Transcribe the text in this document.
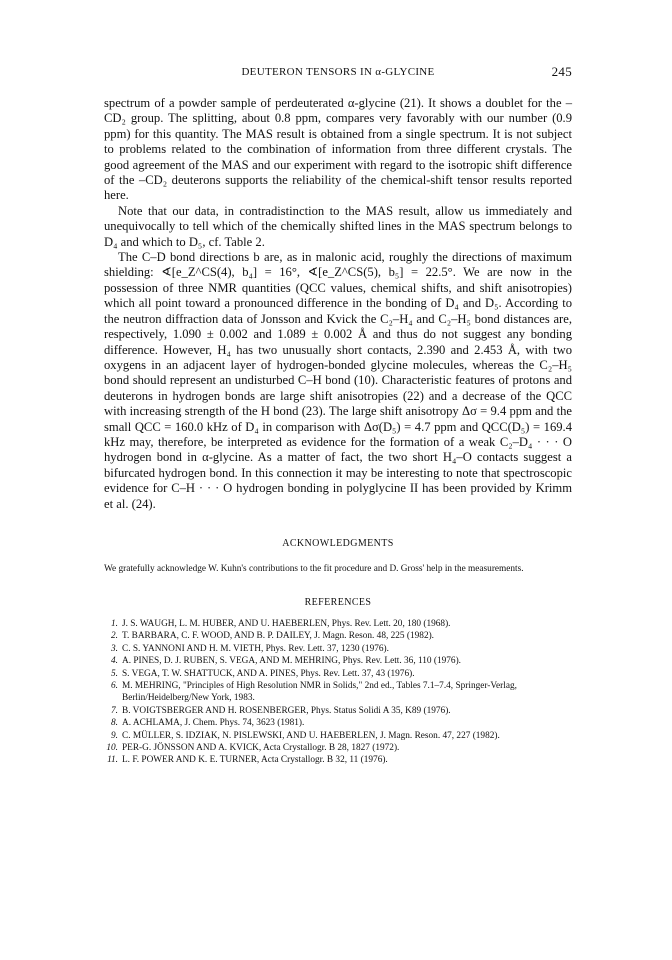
DEUTERON TENSORS IN α-GLYCINE	245

spectrum of a powder sample of perdeuterated α-glycine (21). It shows a doublet for the –CD₂ group. The splitting, about 0.8 ppm, compares very favorably with our number (0.9 ppm) for this quantity. The MAS result is obtained from a single spectrum. It is not subject to problems related to the combination of information from three different crystals. The good agreement of the MAS and our experiment with regard to the isotropic shift difference of the –CD₂ deuterons supports the reliability of the chemical-shift tensor results reported here.

Note that our data, in contradistinction to the MAS result, allow us immediately and unequivocally to tell which of the chemically shifted lines in the MAS spectrum belongs to D₄ and which to D₅, cf. Table 2.

The C–D bond directions b are, as in malonic acid, roughly the directions of maximum shielding: ∢[e_Z^CS(4), b₄] = 16°, ∢[e_Z^CS(5), b₅] = 22.5°. We are now in the possession of three NMR quantities (QCC values, chemical shifts, and shift anisotropies) which all point toward a pronounced difference in the bonding of D₄ and D₅. According to the neutron diffraction data of Jonsson and Kvick the C₂–H₄ and C₂–H₅ bond distances are, respectively, 1.090 ± 0.002 and 1.089 ± 0.002 Å and thus do not suggest any bonding difference. However, H₄ has two unusually short contacts, 2.390 and 2.453 Å, with two oxygens in an adjacent layer of hydrogen-bonded glycine molecules, whereas the C₂–H₅ bond should represent an undisturbed C–H bond (10). Characteristic features of protons and deuterons in hydrogen bonds are large shift anisotropies (22) and a decrease of the QCC with increasing strength of the H bond (23). The large shift anisotropy Δσ = 9.4 ppm and the small QCC = 160.0 kHz of D₄ in comparison with Δσ(D₅) = 4.7 ppm and QCC(D₅) = 169.4 kHz may, therefore, be interpreted as evidence for the formation of a weak C₂–D₄ · · · O hydrogen bond in α-glycine. As a matter of fact, the two short H₄–O contacts suggest a bifurcated hydrogen bond. In this connection it may be interesting to note that spectroscopic evidence for C–H · · · O hydrogen bonding in polyglycine II has been provided by Krimm et al. (24).

ACKNOWLEDGMENTS
We gratefully acknowledge W. Kuhn's contributions to the fit procedure and D. Gross' help in the measurements.
REFERENCES
1. J. S. WAUGH, L. M. HUBER, AND U. HAEBERLEN, Phys. Rev. Lett. 20, 180 (1968).
2. T. BARBARA, C. F. WOOD, AND B. P. DAILEY, J. Magn. Reson. 48, 225 (1982).
3. C. S. YANNONI AND H. M. VIETH, Phys. Rev. Lett. 37, 1230 (1976).
4. A. PINES, D. J. RUBEN, S. VEGA, AND M. MEHRING, Phys. Rev. Lett. 36, 110 (1976).
5. S. VEGA, T. W. SHATTUCK, AND A. PINES, Phys. Rev. Lett. 37, 43 (1976).
6. M. MEHRING, "Principles of High Resolution NMR in Solids," 2nd ed., Tables 7.1–7.4, Springer-Verlag, Berlin/Heidelberg/New York, 1983.
7. B. VOIGTSBERGER AND H. ROSENBERGER, Phys. Status Solidi A 35, K89 (1976).
8. A. ACHLAMA, J. Chem. Phys. 74, 3623 (1981).
9. C. MÜLLER, S. IDZIAK, N. PISLEWSKI, AND U. HAEBERLEN, J. Magn. Reson. 47, 227 (1982).
10. PER-G. JÖNSSON AND A. KVICK, Acta Crystallogr. B 28, 1827 (1972).
11. L. F. POWER AND K. E. TURNER, Acta Crystallogr. B 32, 11 (1976).
